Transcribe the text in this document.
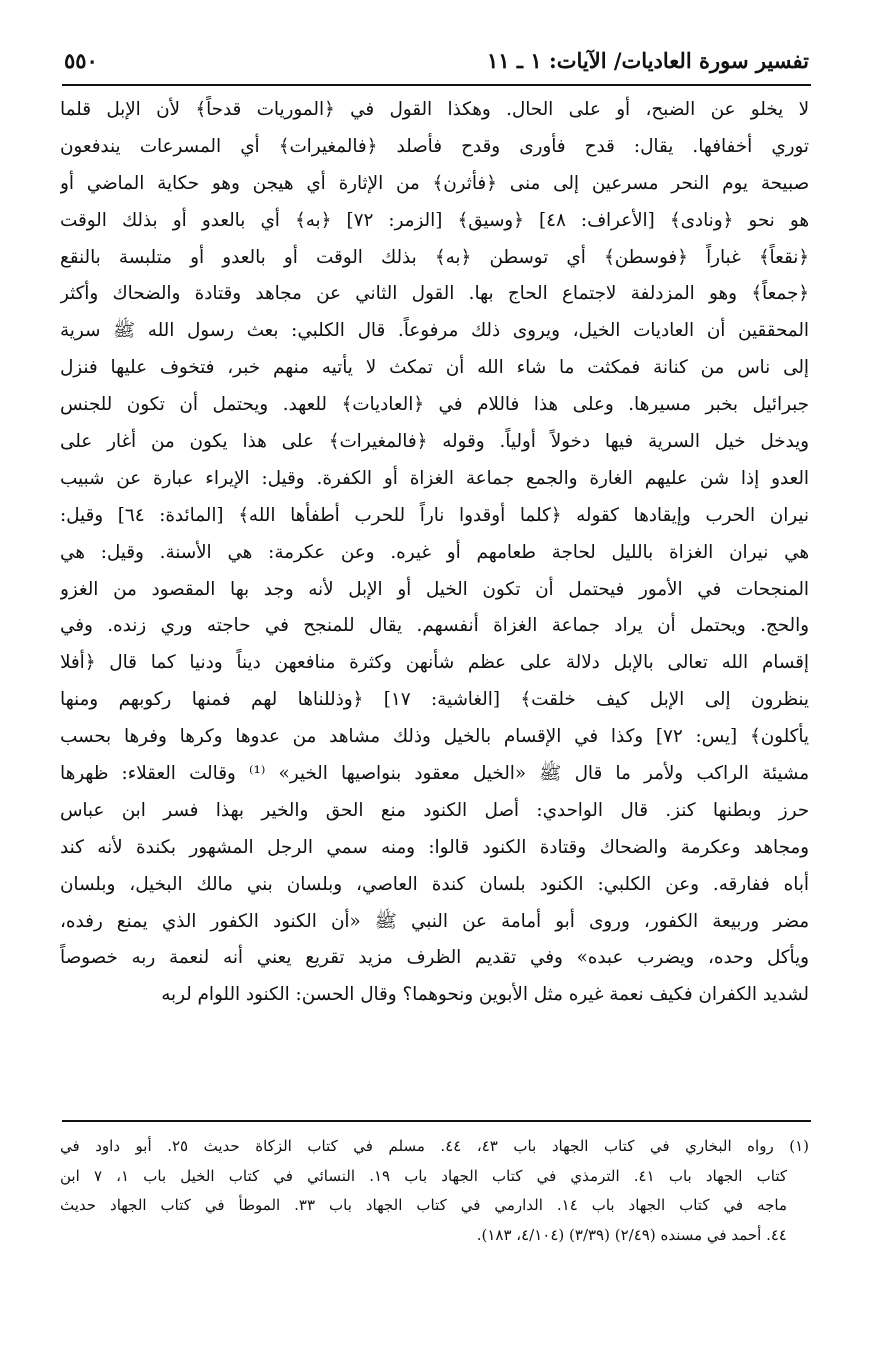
تفسير سورة العاديات/ الآيات: ١ ـ ١١
٥٥٠
لا يخلو عن الضبح، أو على الحال. وهكذا القول في ﴿الموريات قدحاً﴾ لأن الإبل قلما
توري أخفافها. يقال: قدح فأورى وقدح فأصلد ﴿فالمغيرات﴾ أي المسرعات يندفعون
صبيحة يوم النحر مسرعين إلى منى ﴿فأثرن﴾ من الإثارة أي هيجن وهو حكاية الماضي أو
هو نحو ﴿ونادى﴾ [الأعراف: ٤٨] ﴿وسيق﴾ [الزمر: ٧٢] ﴿به﴾ أي بالعدو أو بذلك الوقت
﴿نقعاً﴾ غباراً ﴿فوسطن﴾ أي توسطن ﴿به﴾ بذلك الوقت أو بالعدو أو متلبسة بالنقع
﴿جمعاً﴾ وهو المزدلفة لاجتماع الحاج بها. القول الثاني عن مجاهد وقتادة والضحاك وأكثر
المحققين أن العاديات الخيل، ويروى ذلك مرفوعاً. قال الكلبي: بعث رسول الله ﷺ سرية
إلى ناس من كنانة فمكثت ما شاء الله أن تمكث لا يأتيه منهم خبر، فتخوف عليها فنزل
جبرائيل بخبر مسيرها. وعلى هذا فاللام في ﴿العاديات﴾ للعهد. ويحتمل أن تكون للجنس
ويدخل خيل السرية فيها دخولاً أولياً. وقوله ﴿فالمغيرات﴾ على هذا يكون من أغار على
العدو إذا شن عليهم الغارة والجمع جماعة الغزاة أو الكفرة. وقيل: الإيراء عبارة عن شبيب
نيران الحرب وإيقادها كقوله ﴿كلما أوقدوا ناراً للحرب أطفأها الله﴾ [المائدة: ٦٤] وقيل:
هي نيران الغزاة بالليل لحاجة طعامهم أو غيره. وعن عكرمة: هي الأسنة. وقيل: هي
المنجحات في الأمور فيحتمل أن تكون الخيل أو الإبل لأنه وجد بها المقصود من الغزو
والحج. ويحتمل أن يراد جماعة الغزاة أنفسهم. يقال للمنجح في حاجته وري زنده. وفي
إقسام الله تعالى بالإبل دلالة على عظم شأنهن وكثرة منافعهن ديناً ودنيا كما قال ﴿أفلا
ينظرون إلى الإبل كيف خلقت﴾ [الغاشية: ١٧] ﴿وذللناها لهم فمنها ركوبهم ومنها
يأكلون﴾ [يس: ٧٢] وكذا في الإقسام بالخيل وذلك مشاهد من عدوها وكرها وفرها بحسب
مشيئة الراكب ولأمر ما قال ﷺ «الخيل معقود بنواصيها الخير» ⁽¹⁾ وقالت العقلاء: ظهرها
حرز وبطنها كنز. قال الواحدي: أصل الكنود منع الحق والخير بهذا فسر ابن عباس
ومجاهد وعكرمة والضحاك وقتادة الكنود قالوا: ومنه سمي الرجل المشهور بكندة لأنه كند
أباه ففارقه. وعن الكلبي: الكنود بلسان كندة العاصي، وبلسان بني مالك البخيل، وبلسان
مضر وربيعة الكفور، وروى أبو أمامة عن النبي ﷺ «أن الكنود الكفور الذي يمنع رفده،
ويأكل وحده، ويضرب عبده» وفي تقديم الظرف مزيد تقريع يعني أنه لنعمة ربه خصوصاً
لشديد الكفران فكيف نعمة غيره مثل الأبوين ونحوهما؟ وقال الحسن: الكنود اللوام لربه
(١) رواه البخاري في كتاب الجهاد باب ٤٣، ٤٤. مسلم في كتاب الزكاة حديث ٢٥. أبو داود في
كتاب الجهاد باب ٤١. الترمذي في كتاب الجهاد باب ١٩. النسائي في كتاب الخيل باب ١، ٧ ابن
ماجه في كتاب الجهاد باب ١٤. الدارمي في كتاب الجهاد باب ٣٣. الموطأ في كتاب الجهاد حديث
٤٤. أحمد في مسنده (٢/٤٩) (٣/٣٩) (٤/١٠٤، ١٨٣).
